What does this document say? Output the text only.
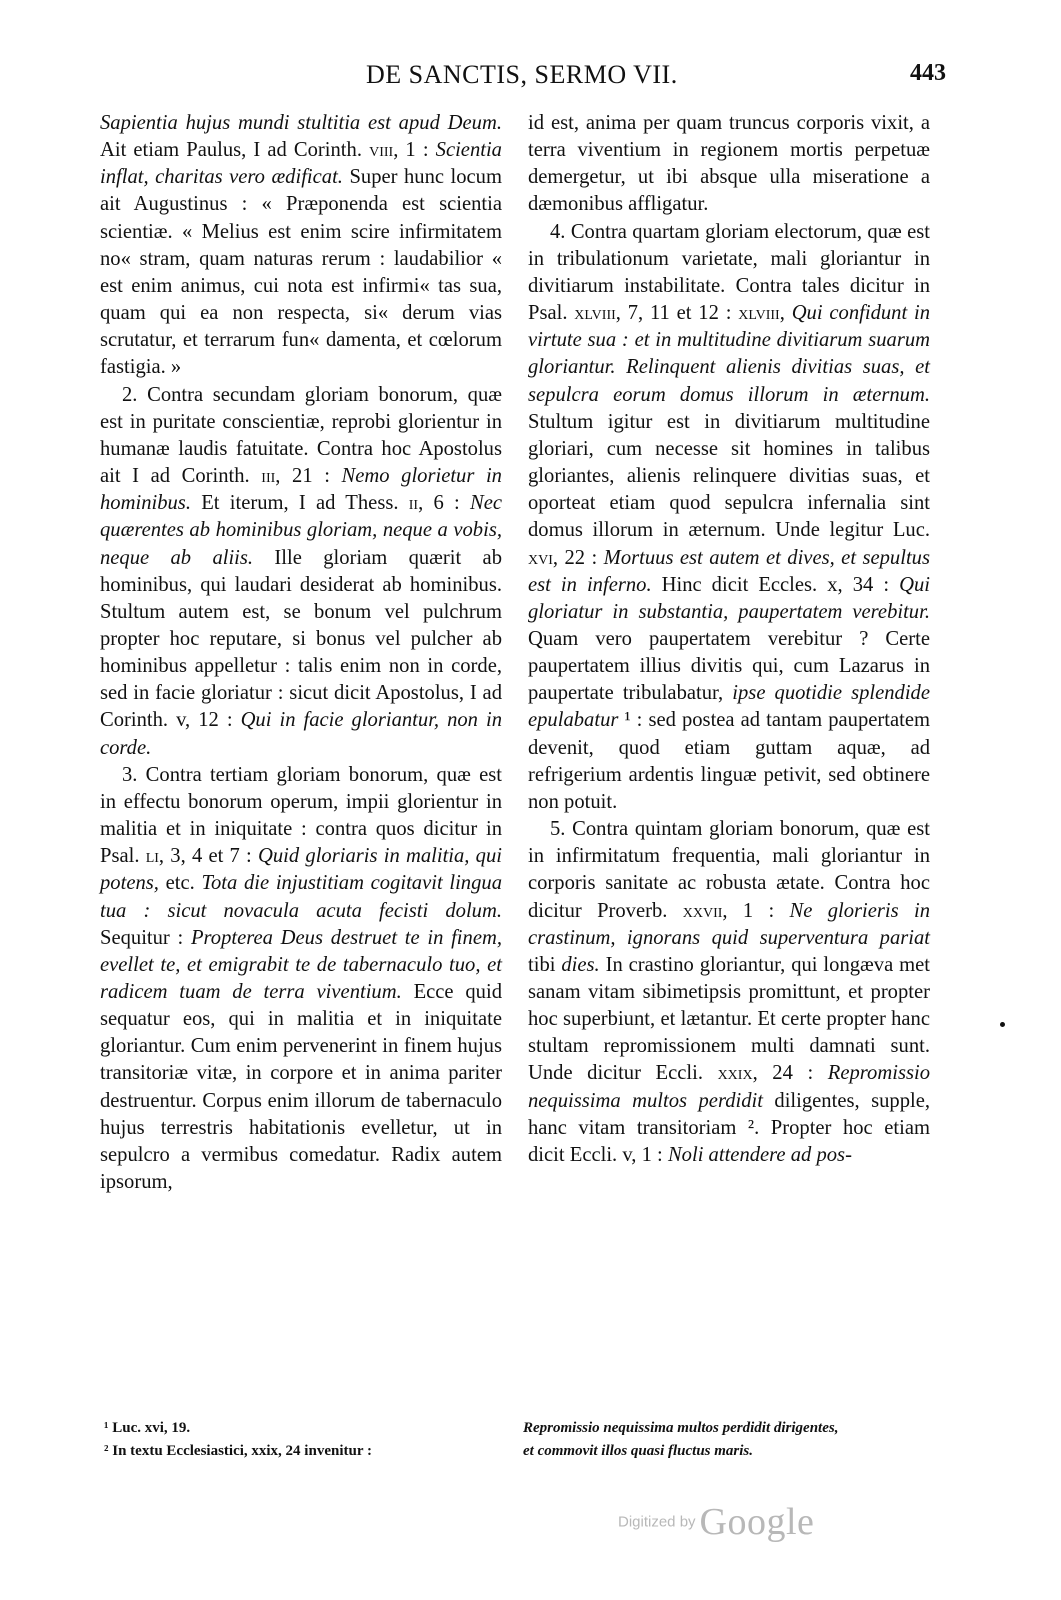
DE SANCTIS, SERMO VII.	443

Sapientia hujus mundi stultitia est apud Deum. Ait etiam Paulus, I ad Corinth. viii, 1 : Scientia inflat, charitas vero ædificat. Super hunc locum ait Augustinus : « Præponenda est scientia scientiæ. « Melius est enim scire infirmitatem no« stram, quam naturas rerum : laudabilior « est enim animus, cui nota est infirmi« tas sua, quam qui ea non respecta, si« derum vias scrutatur, et terrarum fun« damenta, et cœlorum fastigia. »

2. Contra secundam gloriam bonorum, quæ est in puritate conscientiæ, reprobi glorientur in humanæ laudis fatuitate. Contra hoc Apostolus ait I ad Corinth. iii, 21 : Nemo glorietur in hominibus. Et iterum, I ad Thess. ii, 6 : Nec quærentes ab hominibus gloriam, neque a vobis, neque ab aliis. Ille gloriam quærit ab hominibus, qui laudari desiderat ab hominibus. Stultum autem est, se bonum vel pulchrum propter hoc reputare, si bonus vel pulcher ab hominibus appelletur : talis enim non in corde, sed in facie gloriatur : sicut dicit Apostolus, I ad Corinth. v, 12 : Qui in facie gloriantur, non in corde.

3. Contra tertiam gloriam bonorum, quæ est in effectu bonorum operum, impii glorientur in malitia et in iniquitate : contra quos dicitur in Psal. li, 3, 4 et 7 : Quid gloriaris in malitia, qui potens, etc. Tota die injustitiam cogitavit lingua tua : sicut novacula acuta fecisti dolum. Sequitur : Propterea Deus destruet te in finem, evellet te, et emigrabit te de tabernaculo tuo, et radicem tuam de terra viventium. Ecce quid sequatur eos, qui in malitia et in iniquitate gloriantur. Cum enim pervenerint in finem hujus transitoriæ vitæ, in corpore et in anima pariter destruentur. Corpus enim illorum de tabernaculo hujus terrestris habitationis evelletur, ut in sepulcro a vermibus comedatur. Radix autem ipsorum,

id est, anima per quam truncus corporis vixit, a terra viventium in regionem mortis perpetuæ demergetur, ut ibi absque ulla miseratione a dæmonibus affligatur.

4. Contra quartam gloriam electorum, quæ est in tribulationum varietate, mali gloriantur in divitiarum instabilitate. Contra tales dicitur in Psal. xlviii, 7, 11 et 12 : xlviii, Qui confidunt in virtute sua : et in multitudine divitiarum suarum gloriantur. Relinquent alienis divitias suas, et sepulcra eorum domus illorum in æternum. Stultum igitur est in divitiarum multitudine gloriari, cum necesse sit homines in talibus gloriantes, alienis relinquere divitias suas, et oporteat etiam quod sepulcra infernalia sint domus illorum in æternum. Unde legitur Luc. xvi, 22 : Mortuus est autem et dives, et sepultus est in inferno. Hinc dicit Eccles. x, 34 : Qui gloriatur in substantia, paupertatem verebitur. Quam vero paupertatem verebitur ? Certe paupertatem illius divitis qui, cum Lazarus in paupertate tribulabatur, ipse quotidie splendide epulabatur ¹ : sed postea ad tantam paupertatem devenit, quod etiam guttam aquæ, ad refrigerium ardentis linguæ petivit, sed obtinere non potuit.

5. Contra quintam gloriam bonorum, quæ est in infirmitatum frequentia, mali gloriantur in corporis sanitate ac robusta ætate. Contra hoc dicitur Proverb. xxvii, 1 : Ne glorieris in crastinum, ignorans quid superventura pariat tibi dies. In crastino gloriantur, qui longæva met sanam vitam sibimetipsis promittunt, et propter hoc superbiunt, et lætantur. Et certe propter hanc stultam repromissionem multi damnati sunt. Unde dicitur Eccli. xxix, 24 : Repromissio nequissima multos perdidit diligentes, supple, hanc vitam transitoriam ². Propter hoc etiam dicit Eccli. v, 1 : Noli attendere ad pos-

¹ Luc. xvi, 19.
² In textu Ecclesiastici, xxix, 24 invenitur :
Repromissio nequissima multos perdidit dirigentes,
et commovit illos quasi fluctus maris.
Digitized by Google
